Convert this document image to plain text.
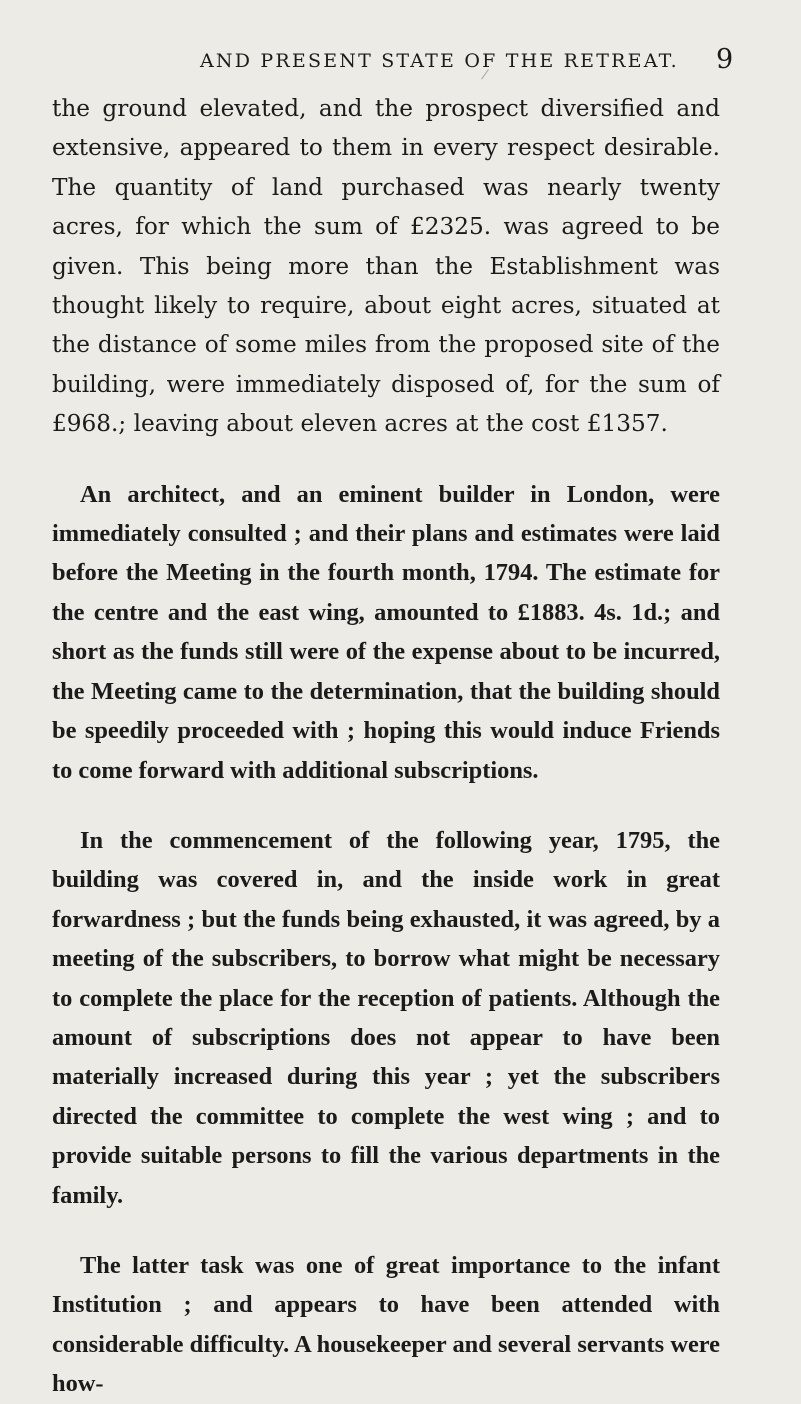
AND PRESENT STATE OF THE RETREAT. 9

the ground elevated, and the prospect diversified and extensive, appeared to them in every respect desirable. The quantity of land purchased was nearly twenty acres, for which the sum of £2325. was agreed to be given. This being more than the Establishment was thought likely to require, about eight acres, situated at the distance of some miles from the proposed site of the building, were immediately disposed of, for the sum of £968.; leaving about eleven acres at the cost £1357.

An architect, and an eminent builder in London, were immediately consulted ; and their plans and estimates were laid before the Meeting in the fourth month, 1794. The estimate for the centre and the east wing, amounted to £1883. 4s. 1d.; and short as the funds still were of the expense about to be incurred, the Meeting came to the determination, that the building should be speedily proceeded with ; hoping this would induce Friends to come forward with additional subscriptions.

In the commencement of the following year, 1795, the building was covered in, and the inside work in great forwardness ; but the funds being exhausted, it was agreed, by a meeting of the subscribers, to borrow what might be necessary to complete the place for the reception of patients. Although the amount of subscriptions does not appear to have been materially increased during this year ; yet the subscribers directed the committee to complete the west wing ; and to provide suitable persons to fill the various departments in the family.

The latter task was one of great importance to the infant Institution ; and appears to have been attended with considerable difficulty. A housekeeper and several servants were how-
